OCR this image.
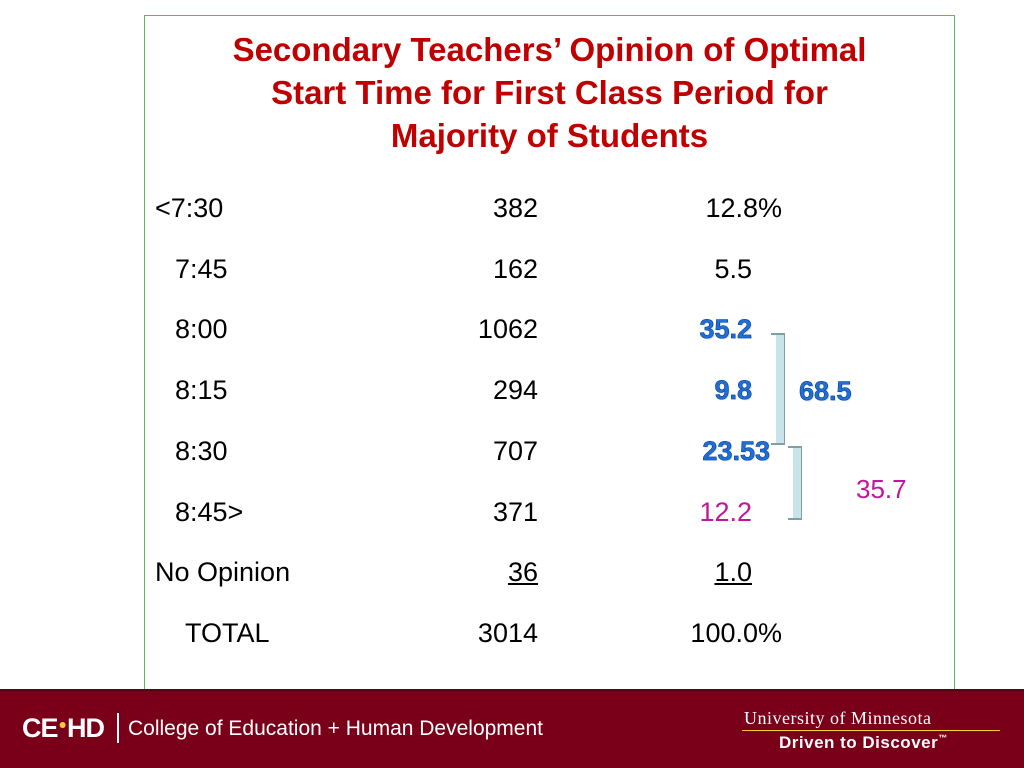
Secondary Teachers’ Opinion of Optimal
Start Time for First Class Period for
Majority of Students
<7:30	382	12.8%
7:45	162	5.5
8:00	1062	35.2
8:15	294	9.8
8:30	707	23.53
8:45>	371	12.2
No Opinion	36	1.0
TOTAL	3014	100.0%
68.5
35.7
CE●HD College of Education + Human Development	University of Minnesota
Driven to Discover™
